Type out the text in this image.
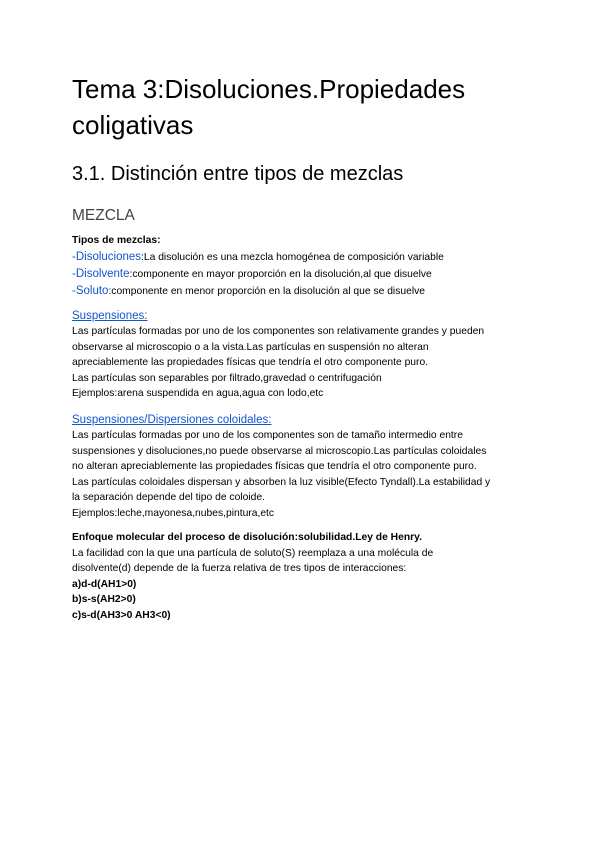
Tema 3:Disoluciones.Propiedades coligativas
3.1. Distinción entre tipos de mezclas
MEZCLA
Tipos de mezclas:
-Disoluciones:La disolución es una mezcla homogénea de composición variable
-Disolvente:componente en mayor proporción en la disolución,al que disuelve
-Soluto:componente en menor proporción en la disolución al que se disuelve
Suspensiones:
Las partículas formadas por uno de los componentes son relativamente grandes y pueden
observarse al microscopio o a la vista.Las partículas en suspensión no alteran
apreciablemente las propiedades físicas que tendría el otro componente puro.
Las partículas son separables por filtrado,gravedad o centrifugación
Ejemplos:arena suspendida en agua,agua con lodo,etc
Suspensiones/Dispersiones coloidales:
Las partículas formadas por uno de los componentes son de tamaño intermedio entre
suspensiones y disoluciones,no puede observarse al microscopio.Las partículas coloidales
no alteran apreciablemente las propiedades físicas que tendría el otro componente puro.
Las partículas coloidales dispersan y absorben la luz visible(Efecto Tyndall).La estabilidad y
la separación depende del tipo de coloide.
Ejemplos:leche,mayonesa,nubes,pintura,etc
Enfoque molecular del proceso de disolución:solubilidad.Ley de Henry.
La facilidad con la que una partícula de soluto(S) reemplaza a una molécula de
disolvente(d) depende de la fuerza relativa de tres tipos de interacciones:
a)d-d(AH1>0)
b)s-s(AH2>0)
c)s-d(AH3>0 AH3<0)
